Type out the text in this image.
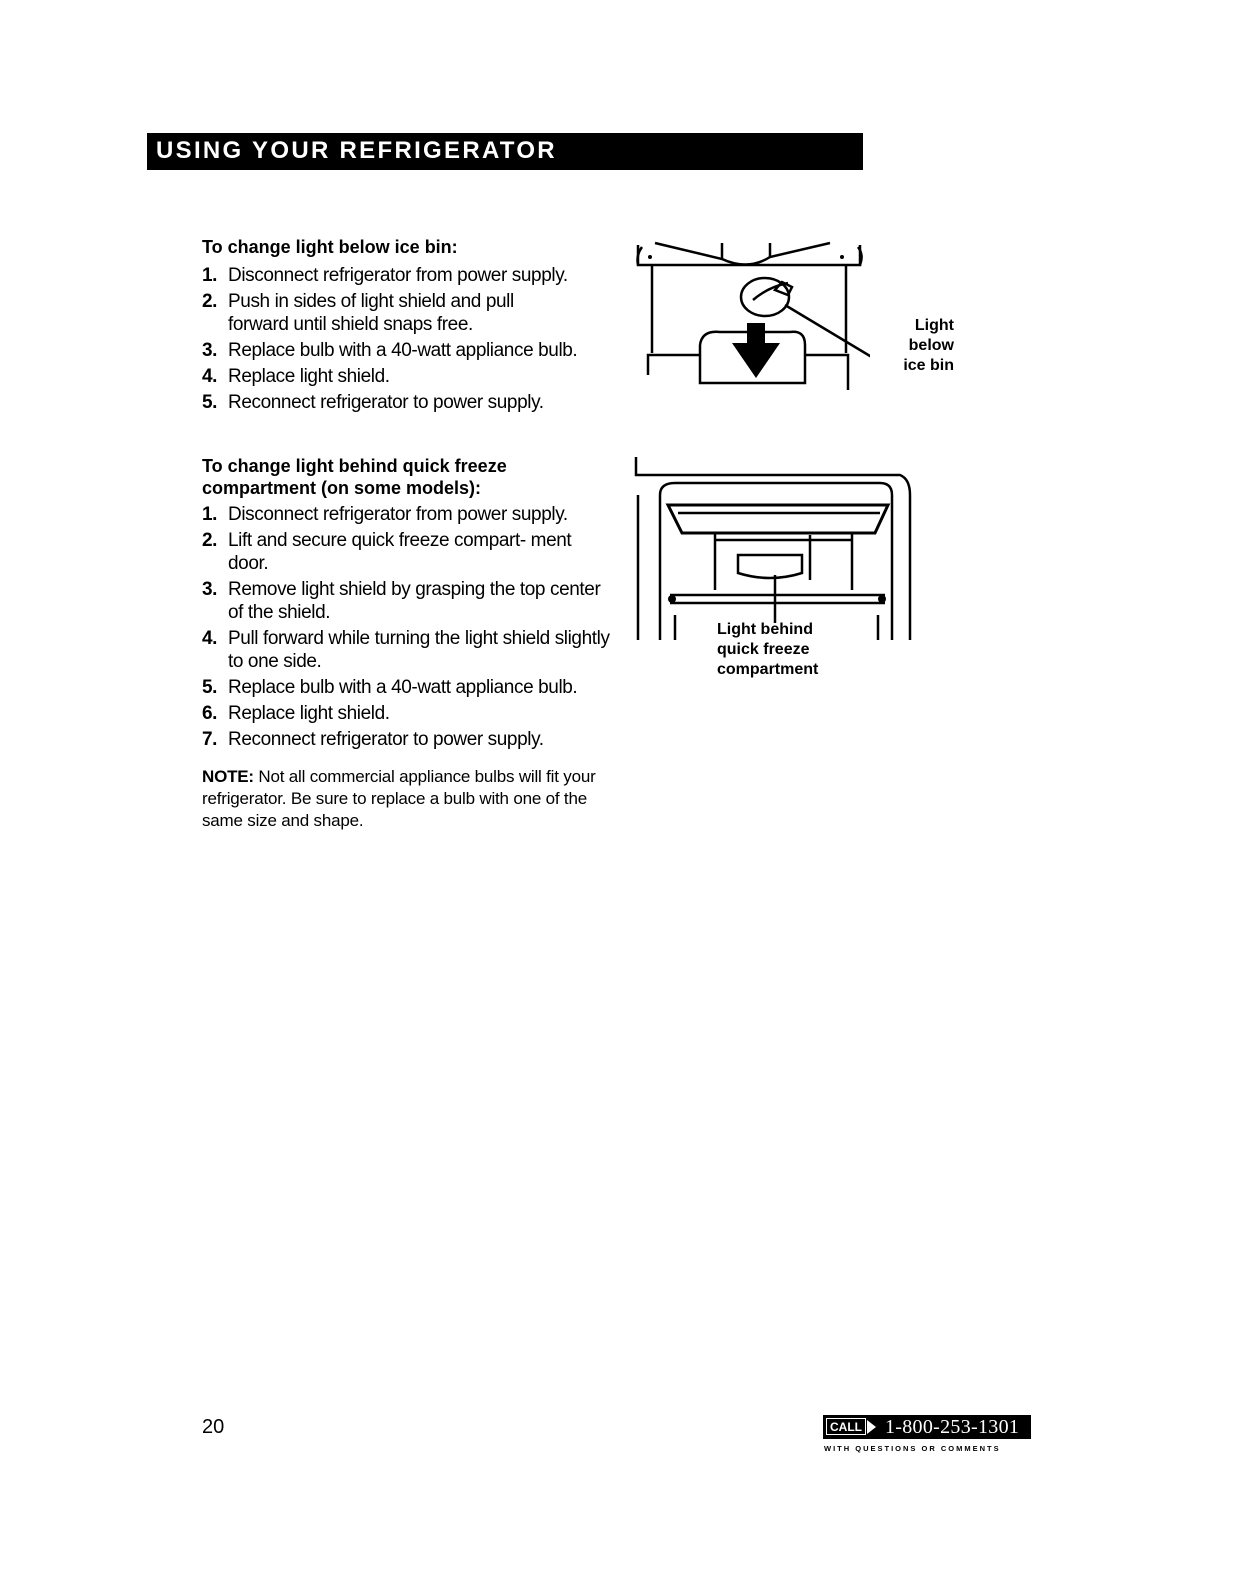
USING YOUR REFRIGERATOR
To change light below ice bin:
1. Disconnect refrigerator from power supply.
2. Push in sides of light shield and pull forward until shield snaps free.
3. Replace bulb with a 40-watt appliance bulb.
4. Replace light shield.
5. Reconnect refrigerator to power supply.
Light
below
ice bin
To change light behind quick freeze
compartment (on some models):
1. Disconnect refrigerator from power supply.
2. Lift and secure quick freeze compart- ment door.
3. Remove light shield by grasping the top center of the shield.
4. Pull forward while turning the light shield slightly to one side.
5. Replace bulb with a 40-watt appliance bulb.
6. Replace light shield.
7. Reconnect refrigerator to power supply.
NOTE: Not all commercial appliance bulbs will fit your refrigerator. Be sure to replace a bulb with one of the same size and shape.
Light behind
quick freeze
compartment
20	CALL 1-800-253-1301
WITH QUESTIONS OR COMMENTS
